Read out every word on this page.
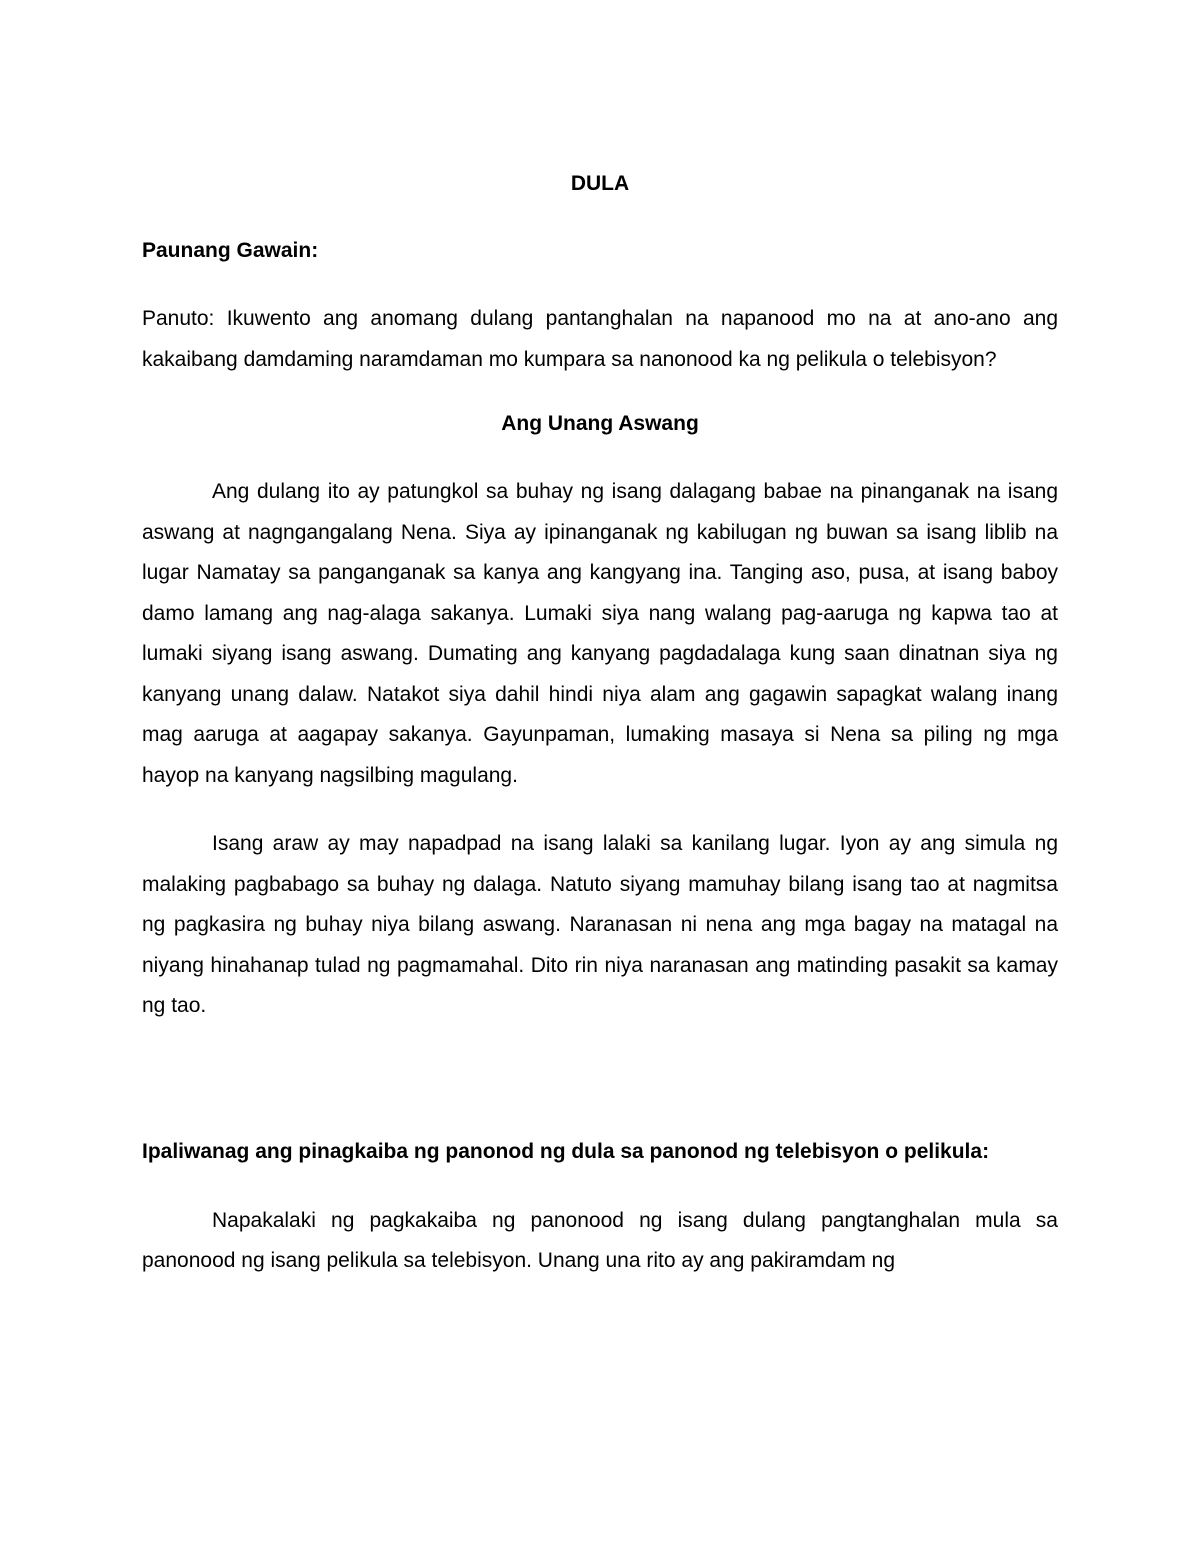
DULA

Paunang Gawain:

Panuto: Ikuwento ang anomang dulang pantanghalan na napanood mo na at ano-ano ang kakaibang damdaming naramdaman mo kumpara sa nanonood ka ng pelikula o telebisyon?

Ang Unang Aswang

Ang dulang ito ay patungkol sa buhay ng isang dalagang babae na pinanganak na isang aswang at nagngangalang Nena. Siya ay ipinanganak ng kabilugan ng buwan sa isang liblib na lugar Namatay sa panganganak sa kanya ang kangyang ina. Tanging aso, pusa, at isang baboy damo lamang ang nag-alaga sakanya. Lumaki siya nang walang pag-aaruga ng kapwa tao at lumaki siyang isang aswang. Dumating ang kanyang pagdadalaga kung saan dinatnan siya ng kanyang unang dalaw. Natakot siya dahil hindi niya alam ang gagawin sapagkat walang inang mag aaruga at aagapay sakanya. Gayunpaman, lumaking masaya si Nena sa piling ng mga hayop na kanyang nagsilbing magulang.

Isang araw ay may napadpad na isang lalaki sa kanilang lugar. Iyon ay ang simula ng malaking pagbabago sa buhay ng dalaga. Natuto siyang mamuhay bilang isang tao at nagmitsa ng pagkasira ng buhay niya bilang aswang. Naranasan ni nena ang mga bagay na matagal na niyang hinahanap tulad ng pagmamahal. Dito rin niya naranasan ang matinding pasakit sa kamay ng tao.

Ipaliwanag ang pinagkaiba ng panonod ng dula sa panonod ng telebisyon o pelikula:

Napakalaki ng pagkakaiba ng panonood ng isang dulang pangtanghalan mula sa panonood ng isang pelikula sa telebisyon. Unang una rito ay ang pakiramdam ng
